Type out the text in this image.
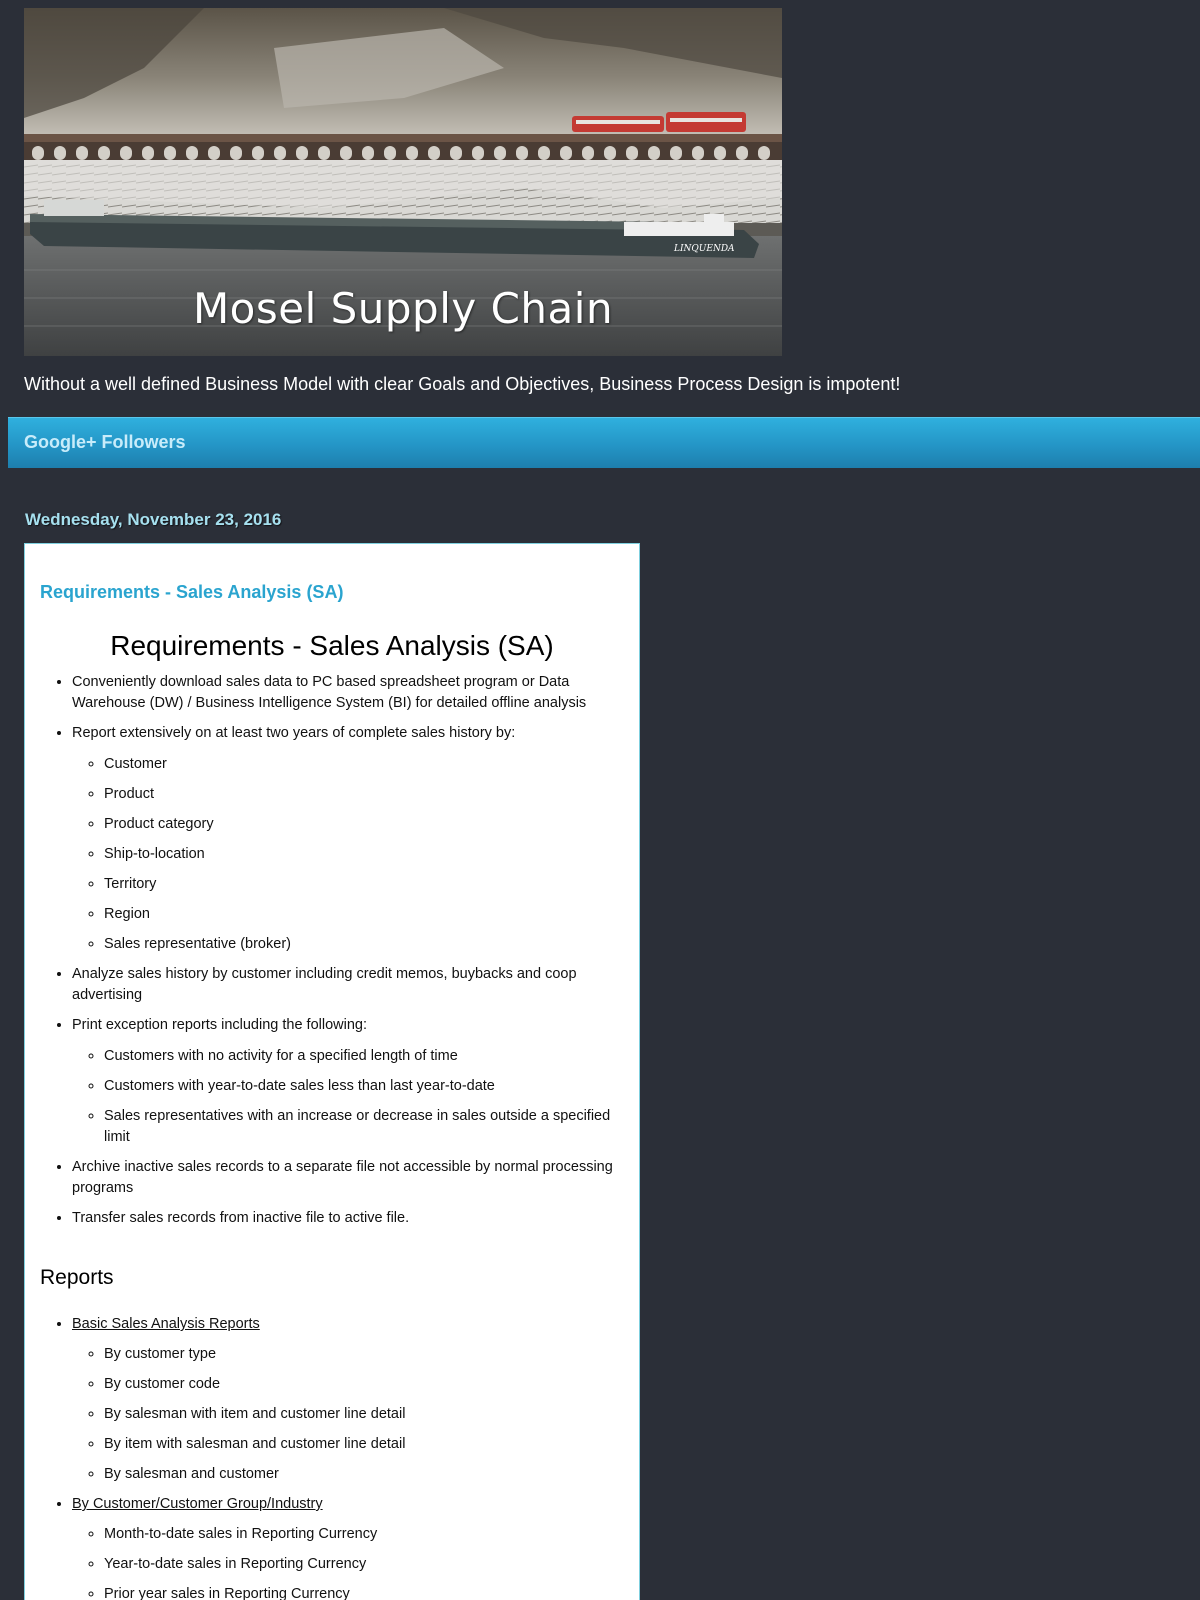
LINQUENDA
Mosel Supply Chain

Without a well defined Business Model with clear Goals and Objectives, Business Process Design is impotent!

Google+ Followers
Wednesday, November 23, 2016
Requirements - Sales Analysis (SA)
Requirements - Sales Analysis (SA)
• Conveniently download sales data to PC based spreadsheet program or Data Warehouse (DW) / Business Intelligence System (BI) for detailed offline analysis
• Report extensively on at least two years of complete sales history by:
◦ Customer
◦ Product
◦ Product category
◦ Ship-to-location
◦ Territory
◦ Region
◦ Sales representative (broker)
• Analyze sales history by customer including credit memos, buybacks and coop advertising
• Print exception reports including the following:
◦ Customers with no activity for a specified length of time
◦ Customers with year-to-date sales less than last year-to-date
◦ Sales representatives with an increase or decrease in sales outside a specified limit
• Archive inactive sales records to a separate file not accessible by normal processing programs
• Transfer sales records from inactive file to active file.
Reports
• Basic Sales Analysis Reports
◦ By customer type
◦ By customer code
◦ By salesman with item and customer line detail
◦ By item with salesman and customer line detail
◦ By salesman and customer
• By Customer/Customer Group/Industry
◦ Month-to-date sales in Reporting Currency
◦ Year-to-date sales in Reporting Currency
◦ Prior year sales in Reporting Currency
